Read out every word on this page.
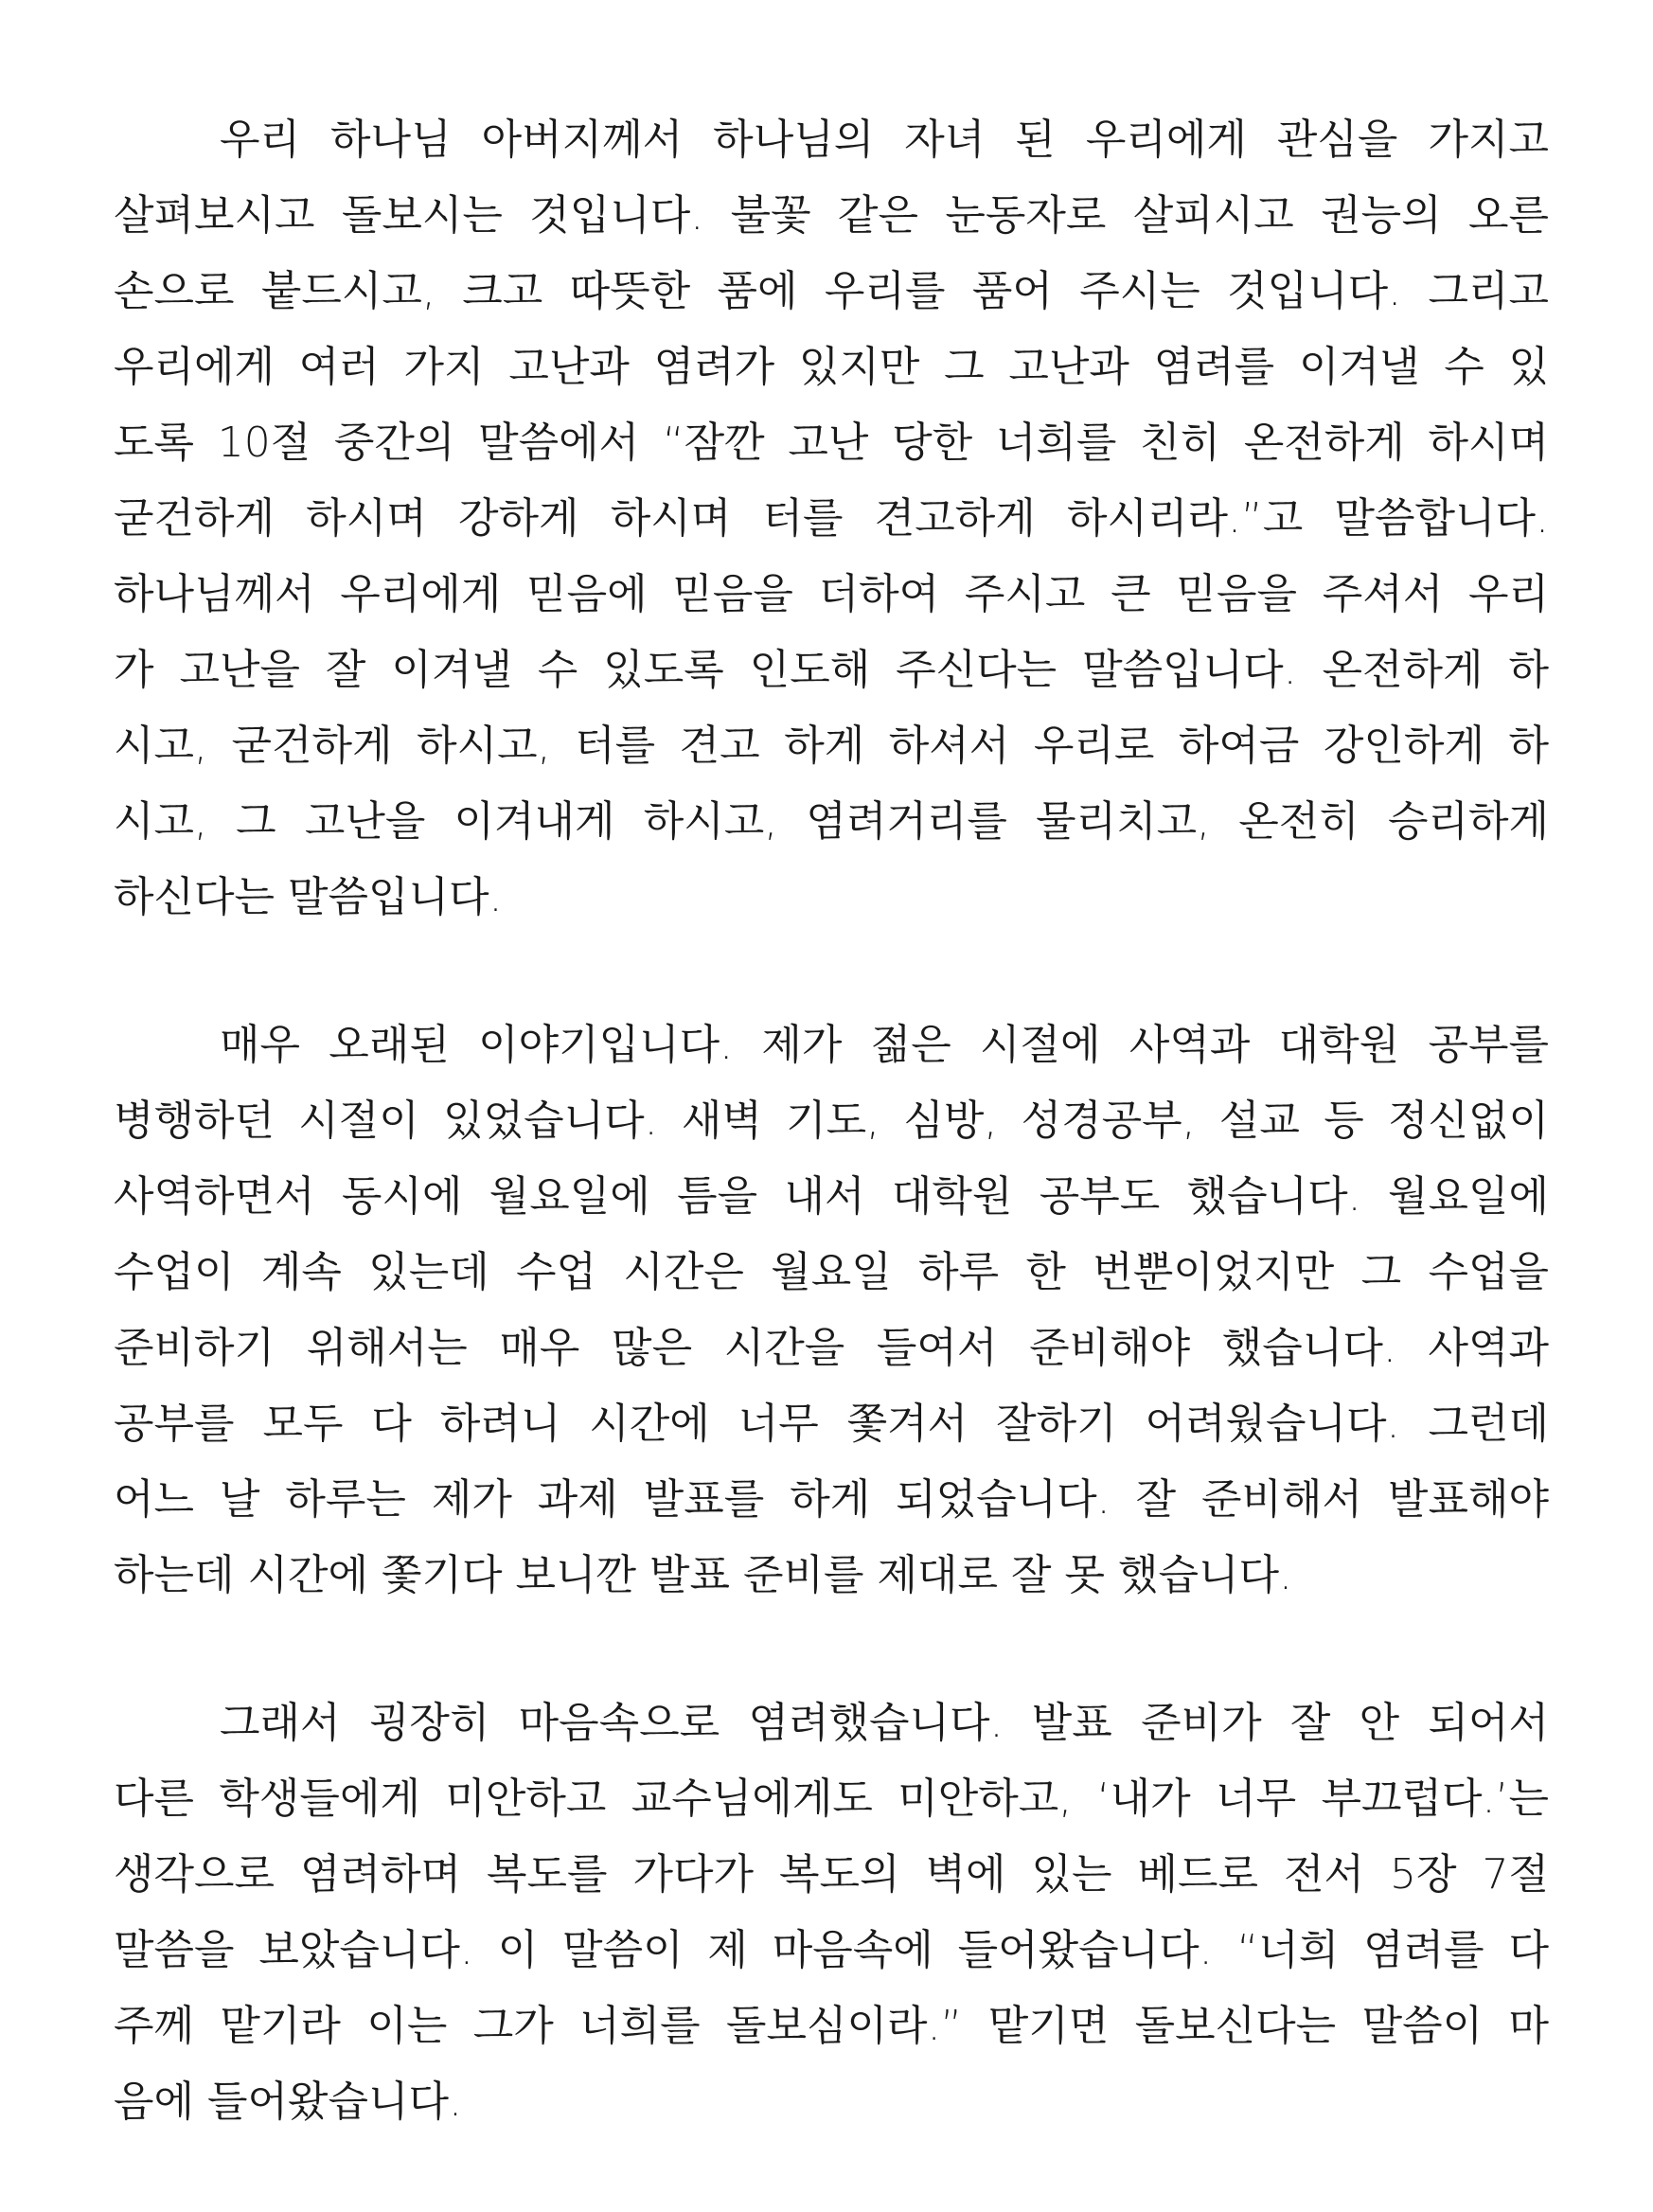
우리 하나님 아버지께서 하나님의 자녀 된 우리에게 관심을 가지고
살펴보시고 돌보시는 것입니다. 불꽃 같은 눈동자로 살피시고 권능의 오른
손으로 붙드시고, 크고 따뜻한 품에 우리를 품어 주시는 것입니다. 그리고
우리에게 여러 가지 고난과 염려가 있지만 그 고난과 염려를 이겨낼 수 있
도록 10절 중간의 말씀에서 “잠깐 고난 당한 너희를 친히 온전하게 하시며
굳건하게 하시며 강하게 하시며 터를 견고하게 하시리라.”고 말씀합니다.
하나님께서 우리에게 믿음에 믿음을 더하여 주시고 큰 믿음을 주셔서 우리
가 고난을 잘 이겨낼 수 있도록 인도해 주신다는 말씀입니다. 온전하게 하
시고, 굳건하게 하시고, 터를 견고 하게 하셔서 우리로 하여금 강인하게 하
시고, 그 고난을 이겨내게 하시고, 염려거리를 물리치고, 온전히 승리하게
하신다는 말씀입니다.
매우 오래된 이야기입니다. 제가 젊은 시절에 사역과 대학원 공부를
병행하던 시절이 있었습니다. 새벽 기도, 심방, 성경공부, 설교 등 정신없이
사역하면서 동시에 월요일에 틈을 내서 대학원 공부도 했습니다. 월요일에
수업이 계속 있는데 수업 시간은 월요일 하루 한 번뿐이었지만 그 수업을
준비하기 위해서는 매우 많은 시간을 들여서 준비해야 했습니다. 사역과
공부를 모두 다 하려니 시간에 너무 쫓겨서 잘하기 어려웠습니다. 그런데
어느 날 하루는 제가 과제 발표를 하게 되었습니다. 잘 준비해서 발표해야
하는데 시간에 쫓기다 보니깐 발표 준비를 제대로 잘 못 했습니다.
그래서 굉장히 마음속으로 염려했습니다. 발표 준비가 잘 안 되어서
다른 학생들에게 미안하고 교수님에게도 미안하고, ‘내가 너무 부끄럽다.’는
생각으로 염려하며 복도를 가다가 복도의 벽에 있는 베드로 전서 5장 7절
말씀을 보았습니다. 이 말씀이 제 마음속에 들어왔습니다. “너희 염려를 다
주께 맡기라 이는 그가 너희를 돌보심이라.” 맡기면 돌보신다는 말씀이 마
음에 들어왔습니다.
